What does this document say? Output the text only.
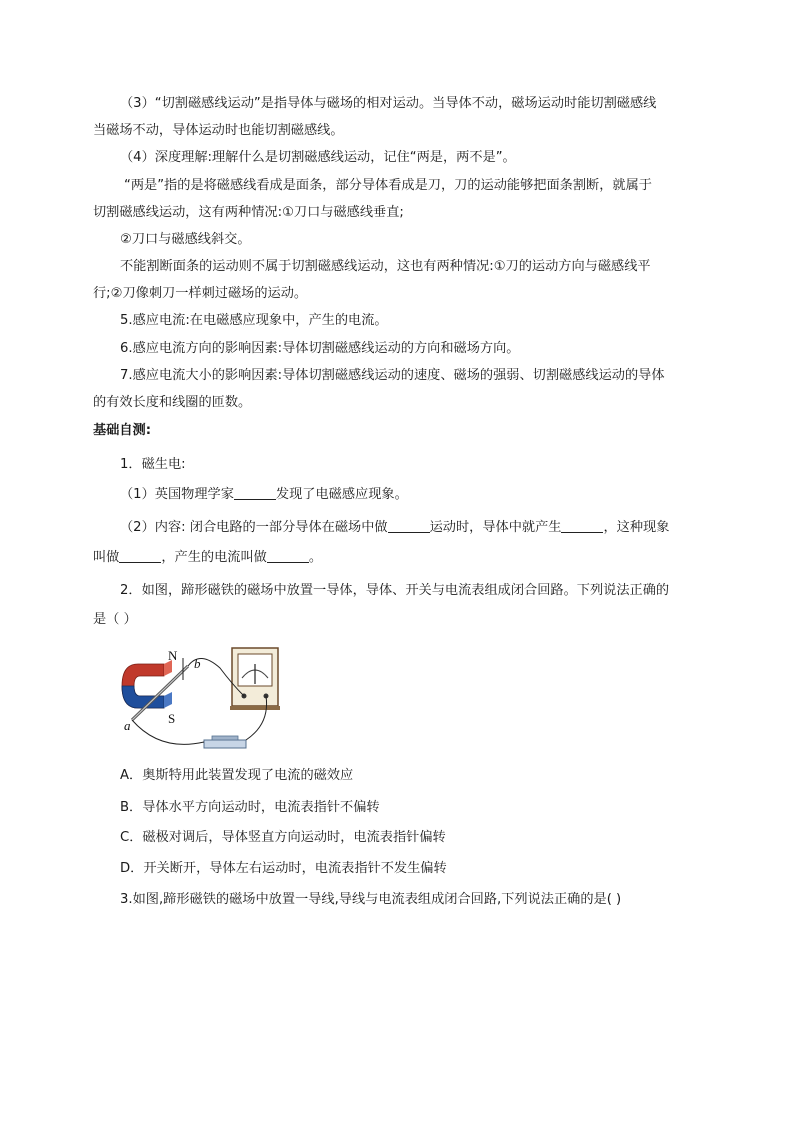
（3）“切割磁感线运动”是指导体与磁场的相对运动。当导体不动，磁场运动时能切割磁感线
当磁场不动，导体运动时也能切割磁感线。
（4）深度理解:理解什么是切割磁感线运动，记住“两是，两不是”。
“两是”指的是将磁感线看成是面条，部分导体看成是刀，刀的运动能够把面条割断，就属于
切割磁感线运动，这有两种情况:①刀口与磁感线垂直;
②刀口与磁感线斜交。
不能割断面条的运动则不属于切割磁感线运动，这也有两种情况:①刀的运动方向与磁感线平
行;②刀像刺刀一样刺过磁场的运动。
5.感应电流:在电磁感应现象中，产生的电流。
6.感应电流方向的影响因素:导体切割磁感线运动的方向和磁场方向。
7.感应电流大小的影响因素:导体切割磁感线运动的速度、磁场的强弱、切割磁感线运动的导体
的有效长度和线圈的匝数。
基础自测:
1．磁生电:
（1）英国物理学家	发现了电磁感应现象。
（2）内容: 闭合电路的一部分导体在磁场中做	运动时，导体中就产生	，这种现象
叫做	，产生的电流叫做	。
2．如图，蹄形磁铁的磁场中放置一导体，导体、开关与电流表组成闭合回路。下列说法正确的
是（ ）
N
S
a
b
A．奥斯特用此装置发现了电流的磁效应
B．导体水平方向运动时，电流表指针不偏转
C．磁极对调后，导体竖直方向运动时，电流表指针偏转
D．开关断开，导体左右运动时，电流表指针不发生偏转
3.如图,蹄形磁铁的磁场中放置一导线,导线与电流表组成闭合回路,下列说法正确的是( )
